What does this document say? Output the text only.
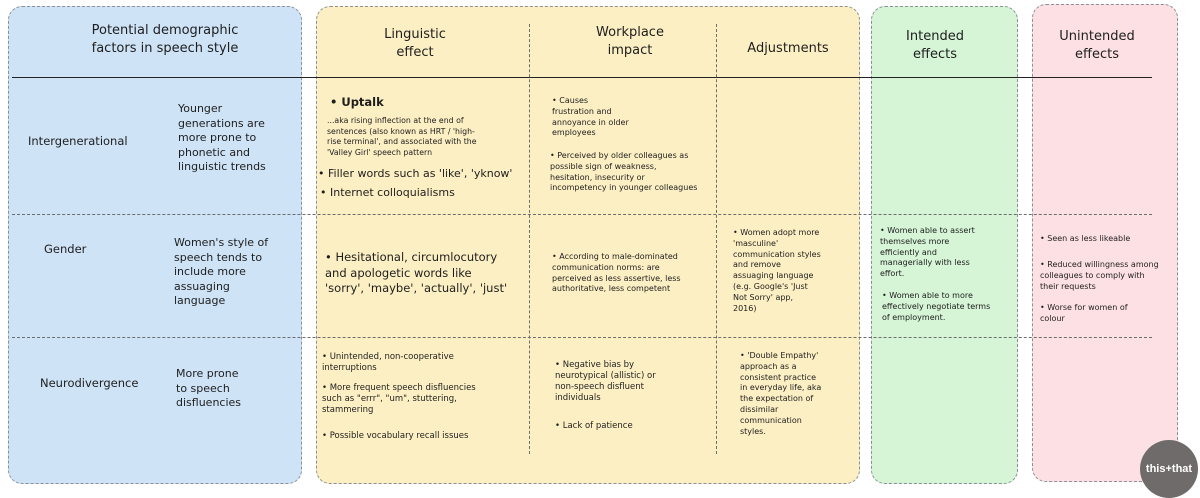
Potential demographic
factors in speech style
Linguistic
effect
Workplace
impact	Adjustments
Intended
effects
Unintended
effects
Intergenerational
Younger
generations are
more prone to
phonetic and
linguistic trends
• Uptalk
...aka rising inflection at the end of
sentences (also known as HRT / 'high-
rise terminal', and associated with the
'Valley Girl' speech pattern
• Filler words such as 'like', 'yknow'
• Internet colloquialisms
• Causes
frustration and
annoyance in older
employees
• Perceived by older colleagues as
possible sign of weakness,
hesitation, insecurity or
incompetency in younger colleagues
Gender	Women's style of
speech tends to
include more
assuaging
language
• Hesitational, circumlocutory
and apologetic words like
'sorry', 'maybe', 'actually', 'just'
• According to male-dominated
communication norms: are
perceived as less assertive, less
authoritative, less competent
• Women adopt more
'masculine'
communication styles
and remove
assuaging language
(e.g. Google's 'Just
Not Sorry' app,
2016)
• Women able to assert
themselves more
efficiently and
managerially with less
effort.
• Women able to more
effectively negotiate terms
of employment.
• Seen as less likeable
• Reduced willingness among
colleagues to comply with
their requests
• Worse for women of
colour
Neurodivergence
More prone
to speech
disfluencies
• Unintended, non-cooperative
interruptions
• More frequent speech disfluencies
such as "errr", "um", stuttering,
stammering
• Possible vocabulary recall issues
• Negative bias by
neurotypical (allistic) or
non-speech disfluent
individuals
• Lack of patience
• 'Double Empathy'
approach as a
consistent practice
in everyday life, aka
the expectation of
dissimilar
communication
styles.
this+that
